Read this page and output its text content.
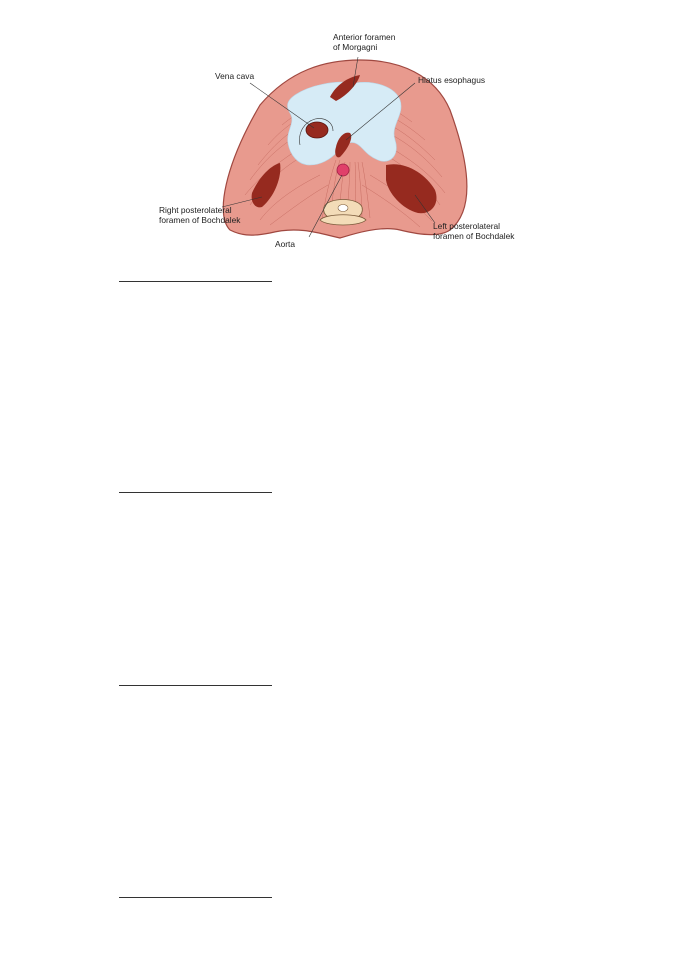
Anterior foramen
of Morgagni
Vena cava	Hiatus esophagus
Right posterolateral
foramen of Bochdalek
Left posterolateral
foramen of Bochdalek
Aorta
